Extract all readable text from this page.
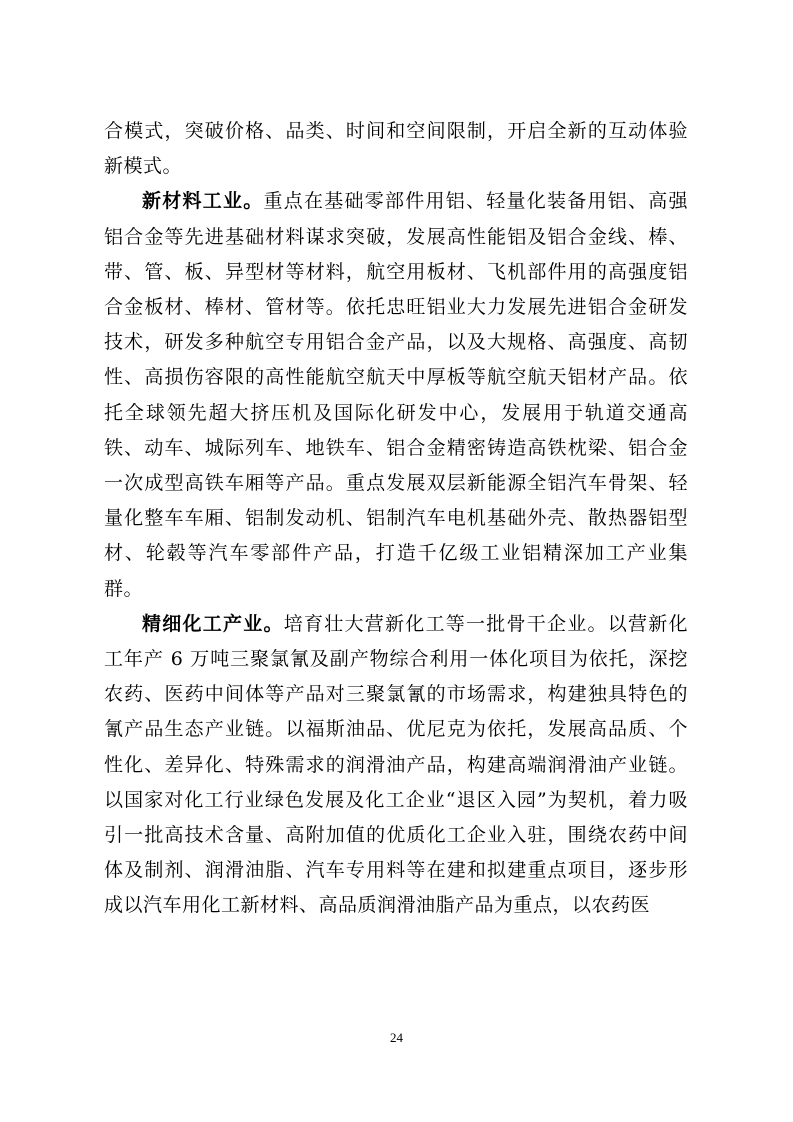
合模式，突破价格、品类、时间和空间限制，开启全新的互动体验新模式。

新材料工业。重点在基础零部件用铝、轻量化装备用铝、高强铝合金等先进基础材料谋求突破，发展高性能铝及铝合金线、棒、带、管、板、异型材等材料，航空用板材、飞机部件用的高强度铝合金板材、棒材、管材等。依托忠旺铝业大力发展先进铝合金研发技术，研发多种航空专用铝合金产品，以及大规格、高强度、高韧性、高损伤容限的高性能航空航天中厚板等航空航天铝材产品。依托全球领先超大挤压机及国际化研发中心，发展用于轨道交通高铁、动车、城际列车、地铁车、铝合金精密铸造高铁枕梁、铝合金一次成型高铁车厢等产品。重点发展双层新能源全铝汽车骨架、轻量化整车车厢、铝制发动机、铝制汽车电机基础外壳、散热器铝型材、轮毂等汽车零部件产品，打造千亿级工业铝精深加工产业集群。

精细化工产业。培育壮大营新化工等一批骨干企业。以营新化工年产 6 万吨三聚氯氰及副产物综合利用一体化项目为依托，深挖农药、医药中间体等产品对三聚氯氰的市场需求，构建独具特色的氰产品生态产业链。以福斯油品、优尼克为依托，发展高品质、个性化、差异化、特殊需求的润滑油产品，构建高端润滑油产业链。以国家对化工行业绿色发展及化工企业“退区入园”为契机，着力吸引一批高技术含量、高附加值的优质化工企业入驻，围绕农药中间体及制剂、润滑油脂、汽车专用料等在建和拟建重点项目，逐步形成以汽车用化工新材料、高品质润滑油脂产品为重点，以农药医

24
